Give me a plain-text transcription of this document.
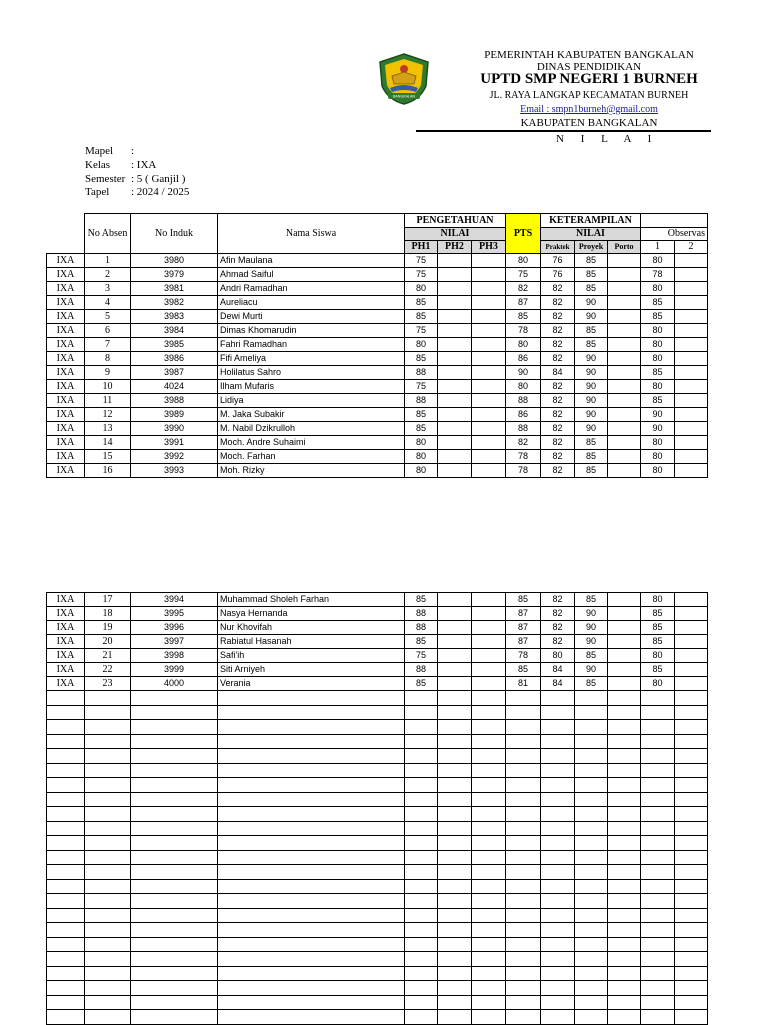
BANGKALAN
PEMERINTAH KABUPATEN BANGKALAN
DINAS PENDIDIKAN
UPTD SMP NEGERI 1 BURNEH
JL. RAYA LANGKAP KECAMATAN BURNEH
Email : smpn1burneh@gmail.com
KABUPATEN BANGKALAN
N I L A I
Mapel :
Kelas : IXA
Semester : 5 ( Ganjil )
Tapel : 2024 / 2025
	No Absen	No Induk	Nama Siswa	PENGETAHUAN			PTS	KETERAMPILAN				
				NILAI				NILAI			Observas	
				PH1	PH2	PH3		Praktek	Proyek	Porto	1	2
IXA	1	3980	Afin Maulana	75			80	76	85		80	
IXA	2	3979	Ahmad Saiful	75			75	76	85		78	
IXA	3	3981	Andri Ramadhan	80			82	82	85		80	
IXA	4	3982	Aureliacu	85			87	82	90		85	
IXA	5	3983	Dewi Murti	85			85	82	90		85	
IXA	6	3984	Dimas Khomarudin	75			78	82	85		80	
IXA	7	3985	Fahri Ramadhan	80			80	82	85		80	
IXA	8	3986	Fifi Ameliya	85			86	82	90		80	
IXA	9	3987	Holilatus Sahro	88			90	84	90		85	
IXA	10	4024	Ilham Mufaris	75			80	82	90		80	
IXA	11	3988	Lidiya	88			88	82	90		85	
IXA	12	3989	M. Jaka Subakir	85			86	82	90		90	
IXA	13	3990	M. Nabil Dzikrulloh	85			88	82	90		90	
IXA	14	3991	Moch. Andre Suhaimi	80			82	82	85		80	
IXA	15	3992	Moch. Farhan	80			78	82	85		80	
IXA	16	3993	Moh. Rizky	80			78	82	85		80	
IXA	17	3994	Muhammad Sholeh Farhan	85			85	82	85		80	
IXA	18	3995	Nasya Hernanda	88			87	82	90		85	
IXA	19	3996	Nur Khovifah	88			87	82	90		85	
IXA	20	3997	Rabiatul Hasanah	85			87	82	90		85	
IXA	21	3998	Safi'ih	75			78	80	85		80	
IXA	22	3999	Siti Arniyeh	88			85	84	90		85	
IXA	23	4000	Verania	85			81	84	85		80	
